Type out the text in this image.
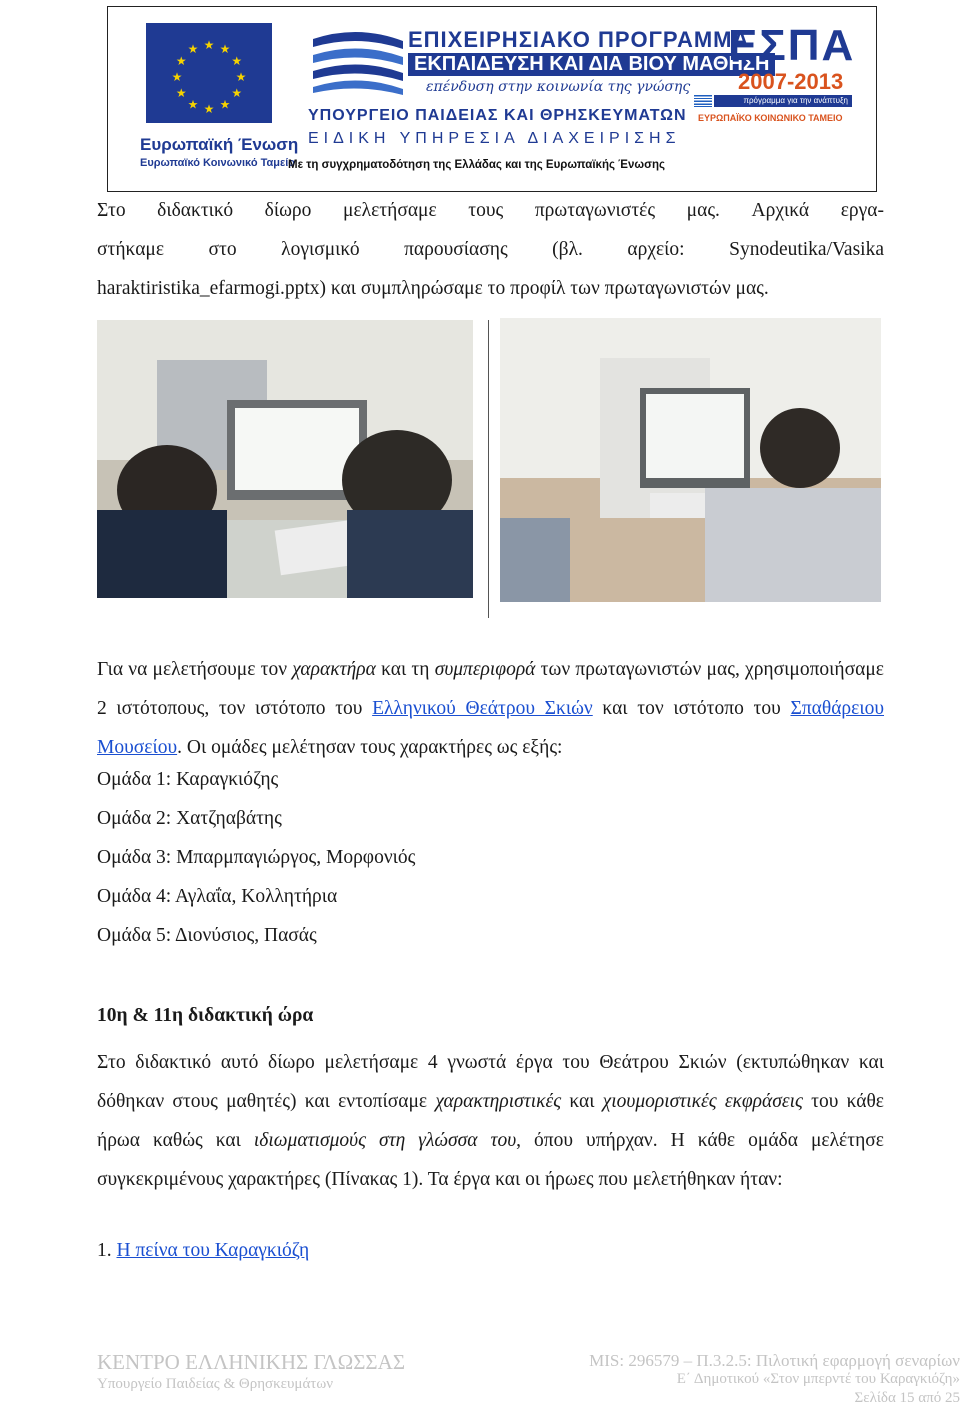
★ ★
★
★
★
★
★
★
★
★
★
★
Ευρωπαϊκή Ένωση
Ευρωπαϊκό Κοινωνικό Ταμείο
ΕΠΙΧΕΙΡΗΣΙΑΚΟ ΠΡΟΓΡΑΜΜΑ
ΕΚΠΑΙΔΕΥΣΗ ΚΑΙ ΔΙΑ ΒΙΟΥ ΜΑΘΗΣΗ
επένδυση στην κοινωνία της γνώσης
ΥΠΟΥΡΓΕΙΟ ΠΑΙΔΕΙΑΣ ΚΑΙ ΘΡΗΣΚΕΥΜΑΤΩΝ
ΕΙΔΙΚΗ ΥΠΗΡΕΣΙΑ ΔΙΑΧΕΙΡΙΣΗΣ
Με τη συγχρηματοδότηση της Ελλάδας και της Ευρωπαϊκής Ένωσης
ΕΣΠΑ
2007-2013
πρόγραμμα για την ανάπτυξη
ΕΥΡΩΠΑΪΚΟ ΚΟΙΝΩΝΙΚΟ ΤΑΜΕΙΟ
Στο διδακτικό δίωρο μελετήσαμε τους πρωταγωνιστές μας. Αρχικά εργα-
στήκαμε στο λογισμικό παρουσίασης (βλ. αρχείο: Synodeutika/Vasika
haraktiristika_efarmogi.pptx) και συμπληρώσαμε το προφίλ των πρωταγωνιστών μας.
Για να μελετήσουμε τον χαρακτήρα και τη συμπεριφορά των πρωταγωνιστών μας, χρησιμοποιήσαμε 2 ιστότοπους, τον ιστότοπο του Ελληνικού Θεάτρου Σκιών και τον ιστότοπο του Σπαθάρειου Μουσείου. Οι ομάδες μελέτησαν τους χαρακτήρες ως εξής:
Ομάδα 1: Καραγκιόζης
Ομάδα 2: Χατζηαβάτης
Ομάδα 3: Μπαρμπαγιώργος, Μορφονιός
Ομάδα 4: Αγλαΐα, Κολλητήρια
Ομάδα 5: Διονύσιος, Πασάς
10η & 11η διδακτική ώρα
Στο διδακτικό αυτό δίωρο μελετήσαμε 4 γνωστά έργα του Θεάτρου Σκιών (εκτυπώθηκαν και δόθηκαν στους μαθητές) και εντοπίσαμε χαρακτηριστικές και χιουμοριστικές εκφράσεις του κάθε ήρωα καθώς και ιδιωματισμούς στη γλώσσα του, όπου υπήρχαν. Η κάθε ομάδα μελέτησε συγκεκριμένους χαρακτήρες (Πίνακας 1). Τα έργα και οι ήρωες που μελετήθηκαν ήταν:
1. Η πείνα του Καραγκιόζη
ΚΕΝΤΡΟ ΕΛΛΗΝΙΚΗΣ ΓΛΩΣΣΑΣ
Υπουργείο Παιδείας & Θρησκευμάτων
MIS: 296579 – Π.3.2.5: Πιλοτική εφαρμογή σεναρίων
Ε΄ Δημοτικού «Στον μπερντέ του Καραγκιόζη»
Σελίδα 15 από 25
